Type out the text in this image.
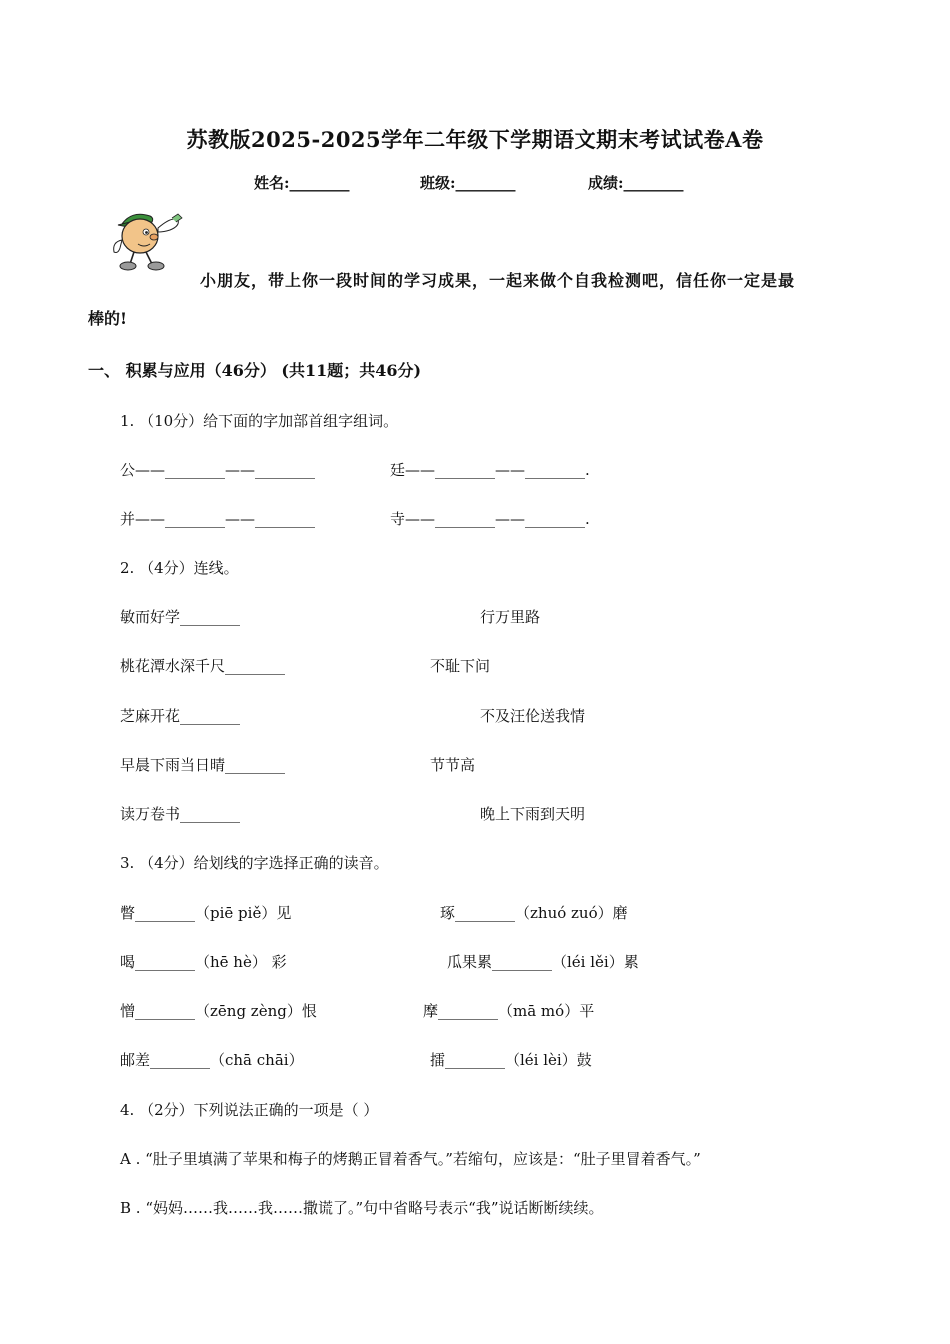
苏教版2025-2025学年二年级下学期语文期末考试试卷A卷
姓名:________	班级:________	成绩:________
小朋友，带上你一段时间的学习成果，一起来做个自我检测吧，信任你一定是最
棒的!
一、 积累与应用（46分） (共11题；共46分)
1. （10分）给下面的字加部首组字组词。
公——________——________	廷——________——________.
并——________——________	寺——________——________.
2. （4分）连线。
敏而好学________	行万里路
桃花潭水深千尺________	不耻下问
芝麻开花________	不及汪伦送我情
早晨下雨当日晴________	节节高
读万卷书________	晚上下雨到天明
3. （4分）给划线的字选择正确的读音。
瞥________（piē piě）见	琢________（zhuó zuó）磨
喝________（hē hè） 彩	瓜果累________（léi lěi）累
憎________（zēng zèng）恨	摩________（mā mó）平
邮差________（chā chāi）	擂________（léi lèi）鼓
4. （2分）下列说法正确的一项是（ ）
A . “肚子里填满了苹果和梅子的烤鹅正冒着香气。”若缩句，应该是：“肚子里冒着香气。”
B . “妈妈……我……我……撒谎了。”句中省略号表示“我”说话断断续续。
